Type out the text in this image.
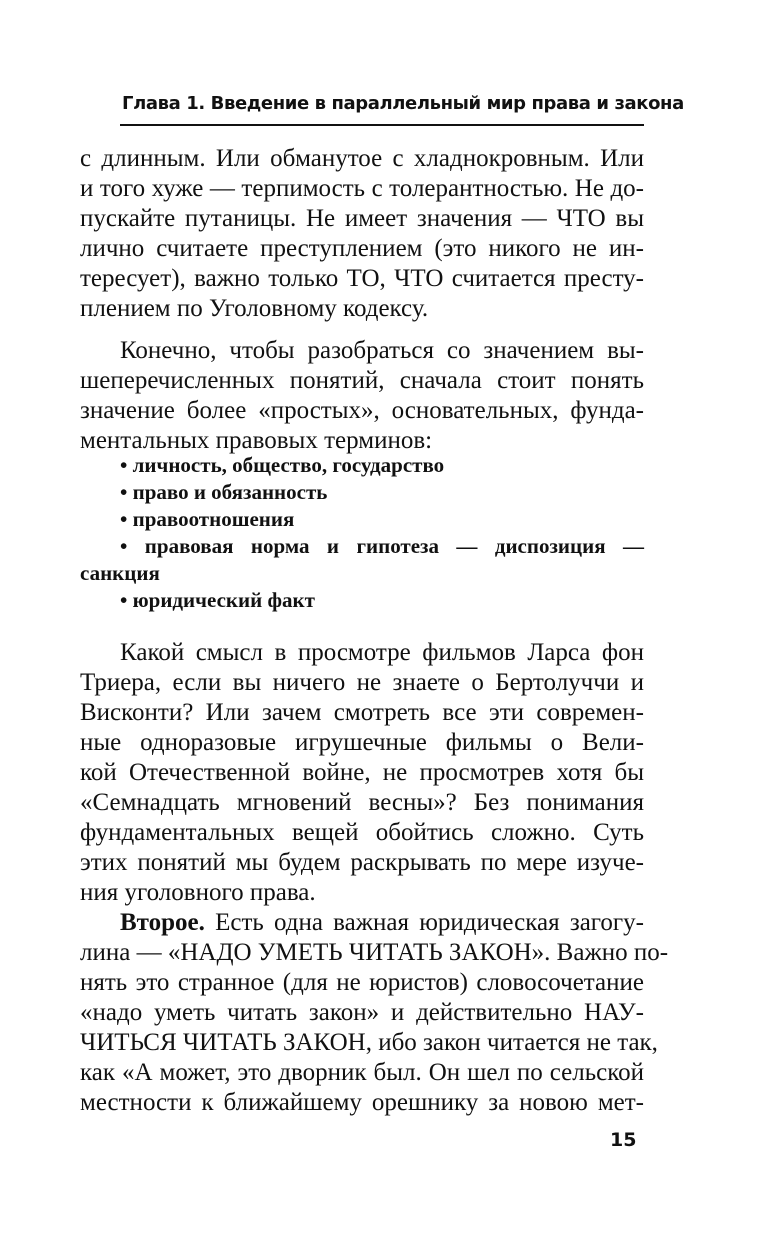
Глава 1. Введение в параллельный мир права и закона
с длинным. Или обманутое с хладнокровным. Или
и того хуже — терпимость с толерантностью. Не до-
пускайте путаницы. Не имеет значения — ЧТО вы
лично считаете преступлением (это никого не ин-
тересует), важно только ТО, ЧТО считается престу-
плением по Уголовному кодексу.
Конечно, чтобы разобраться со значением вы-
шеперечисленных понятий, сначала стоит понять
значение более «простых», основательных, фунда-
ментальных правовых терминов:
• личность, общество, государство
• право и обязанность
• правоотношения
• правовая норма и гипотеза — диспозиция —
санкция
• юридический факт
Какой смысл в просмотре фильмов Ларса фон
Триера, если вы ничего не знаете о Бертолуччи и
Висконти? Или зачем смотреть все эти современ-
ные одноразовые игрушечные фильмы о Вели-
кой Отечественной войне, не просмотрев хотя бы
«Семнадцать мгновений весны»? Без понимания
фундаментальных вещей обойтись сложно. Суть
этих понятий мы будем раскрывать по мере изуче-
ния уголовного права.
Второе. Есть одна важная юридическая загогу-
лина — «НАДО УМЕТЬ ЧИТАТЬ ЗАКОН». Важно по-
нять это странное (для не юристов) словосочетание
«надо уметь читать закон» и действительно НАУ-
ЧИТЬСЯ ЧИТАТЬ ЗАКОН, ибо закон читается не так,
как «А может, это дворник был. Он шел по сельской
местности к ближайшему орешнику за новою мет-
15
